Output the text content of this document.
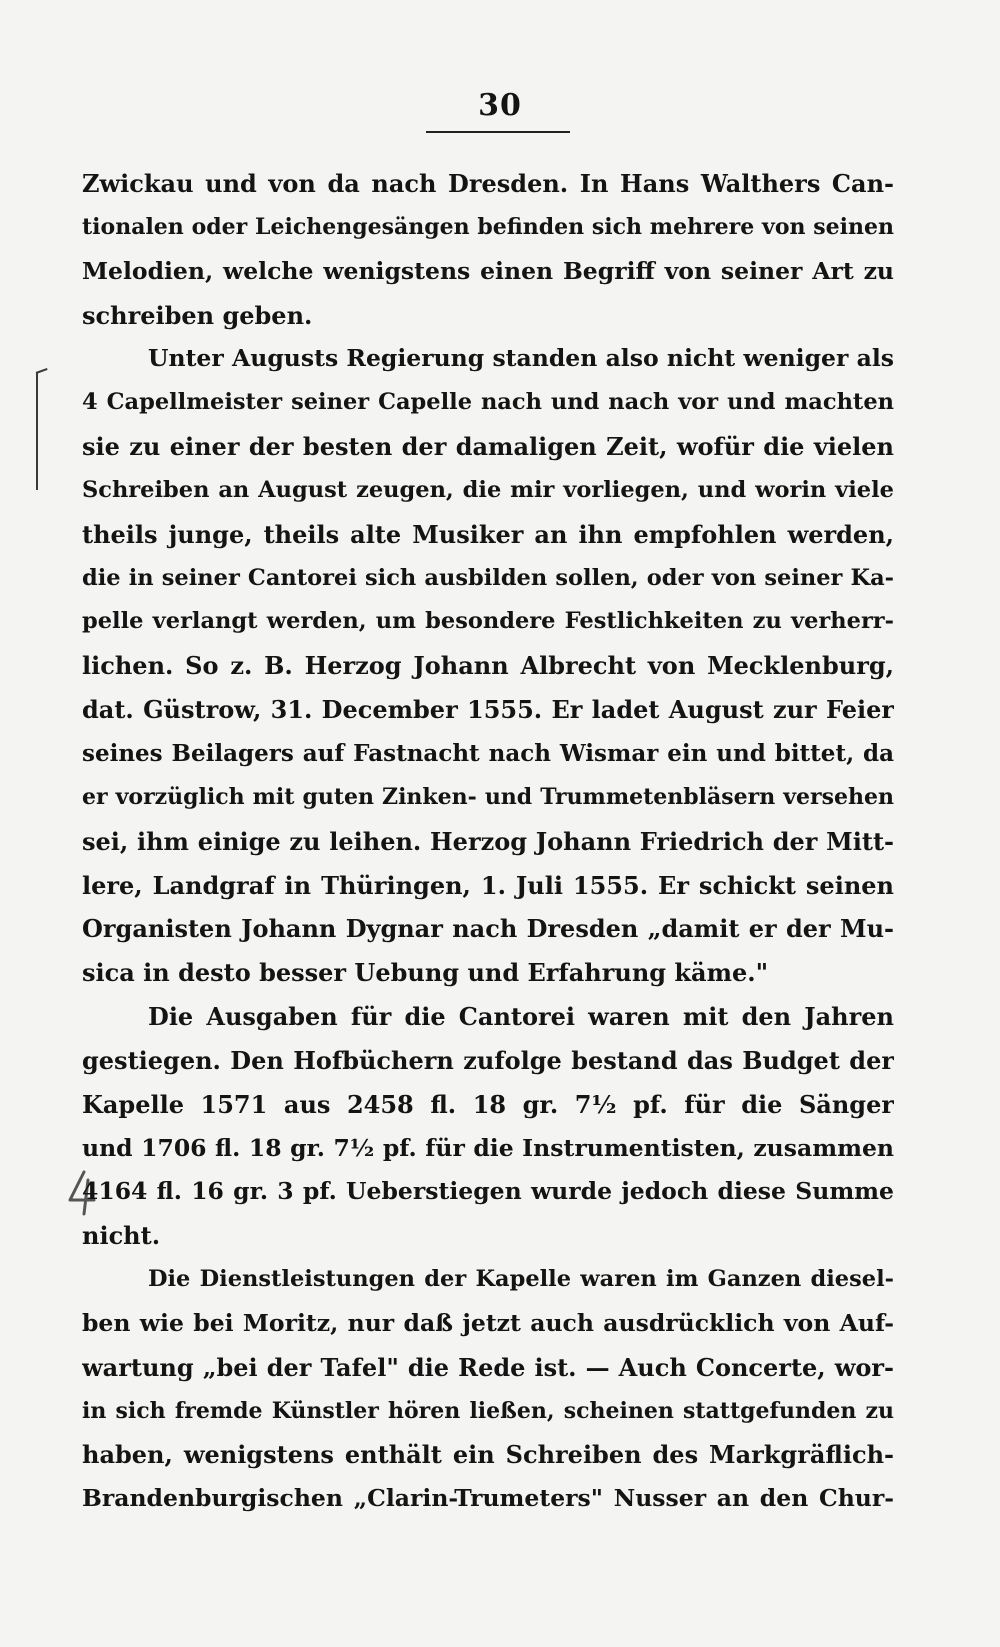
30
Zwickau und von da nach Dresden. In Hans Walthers Can-
tionalen oder Leichengesängen befinden sich mehrere von seinen
Melodien, welche wenigstens einen Begriff von seiner Art zu
schreiben geben.
Unter Augusts Regierung standen also nicht weniger als
4 Capellmeister seiner Capelle nach und nach vor und machten
sie zu einer der besten der damaligen Zeit, wofür die vielen
Schreiben an August zeugen, die mir vorliegen, und worin viele
theils junge, theils alte Musiker an ihn empfohlen werden,
die in seiner Cantorei sich ausbilden sollen, oder von seiner Ka-
pelle verlangt werden, um besondere Festlichkeiten zu verherr-
lichen. So z. B. Herzog Johann Albrecht von Mecklenburg,
dat. Güstrow, 31. December 1555. Er ladet August zur Feier
seines Beilagers auf Fastnacht nach Wismar ein und bittet, da
er vorzüglich mit guten Zinken- und Trummetenbläsern versehen
sei, ihm einige zu leihen. Herzog Johann Friedrich der Mitt-
lere, Landgraf in Thüringen, 1. Juli 1555. Er schickt seinen
Organisten Johann Dygnar nach Dresden „damit er der Mu-
sica in desto besser Uebung und Erfahrung käme."
Die Ausgaben für die Cantorei waren mit den Jahren
gestiegen. Den Hofbüchern zufolge bestand das Budget der
Kapelle 1571 aus 2458 fl. 18 gr. 7½ pf. für die Sänger
und 1706 fl. 18 gr. 7½ pf. für die Instrumentisten, zusammen
4164 fl. 16 gr. 3 pf. Ueberstiegen wurde jedoch diese Summe
nicht.
Die Dienstleistungen der Kapelle waren im Ganzen diesel-
ben wie bei Moritz, nur daß jetzt auch ausdrücklich von Auf-
wartung „bei der Tafel" die Rede ist. — Auch Concerte, wor-
in sich fremde Künstler hören ließen, scheinen stattgefunden zu
haben, wenigstens enthält ein Schreiben des Markgräflich-
Brandenburgischen „Clarin-Trumeters" Nusser an den Chur-
